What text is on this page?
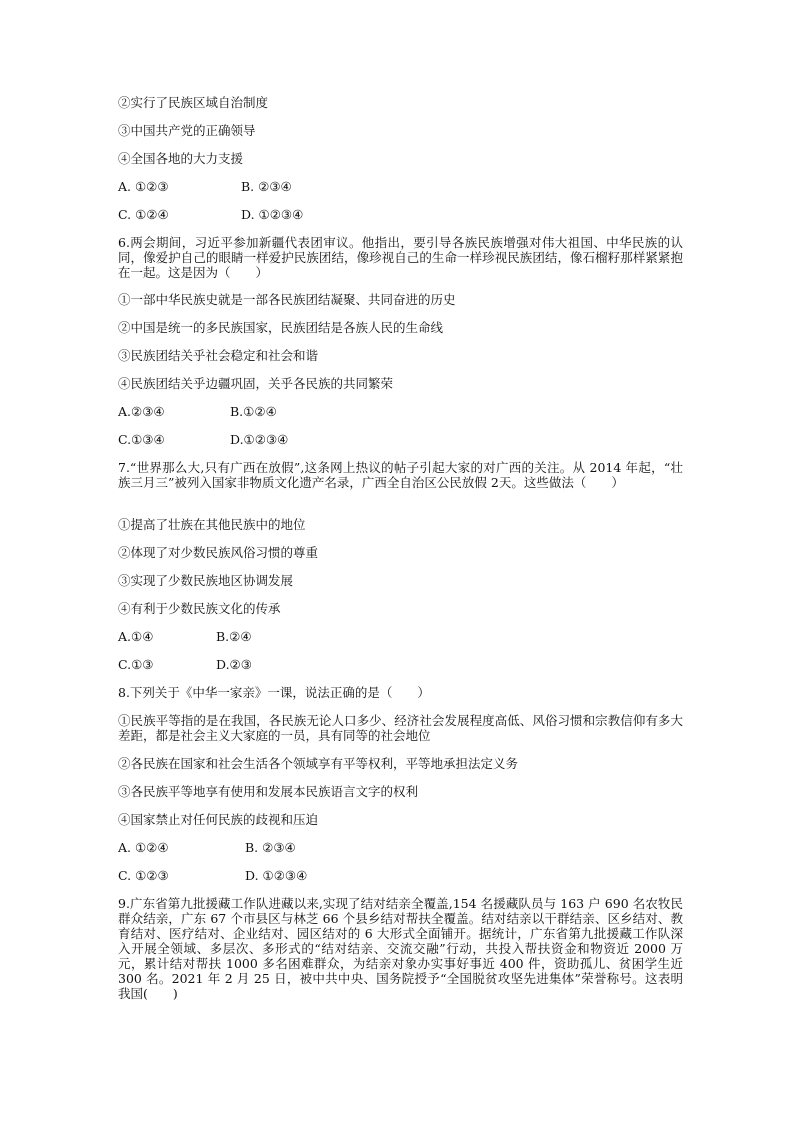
②实行了民族区域自治制度
③中国共产党的正确领导
④全国各地的大力支援
A. ①②③	B. ②③④
C. ①②④	D. ①②③④
6.两会期间，习近平参加新疆代表团审议。他指出，要引导各族民族增强对伟大祖国、中华民族的认同，像爱护自己的眼睛一样爱护民族团结，像珍视自己的生命一样珍视民族团结，像石榴籽那样紧紧抱在一起。这是因为（　　）
①一部中华民族史就是一部各民族团结凝聚、共同奋进的历史
②中国是统一的多民族国家，民族团结是各族人民的生命线
③民族团结关乎社会稳定和社会和谐
④民族团结关乎边疆巩固，关乎各民族的共同繁荣
A.②③④	B.①②④
C.①③④	D.①②③④
7.“世界那么大,只有广西在放假”,这条网上热议的帖子引起大家的对广西的关注。从 2014 年起，“壮族三月三”被列入国家非物质文化遗产名录，广西全自治区公民放假 2天。这些做法（　　）
①提高了壮族在其他民族中的地位
②体现了对少数民族风俗习惯的尊重
③实现了少数民族地区协调发展
④有利于少数民族文化的传承
A.①④	B.②④
C.①③	D.②③
8.下列关于《中华一家亲》一课，说法正确的是（　　）
①民族平等指的是在我国，各民族无论人口多少、经济社会发展程度高低、风俗习惯和宗教信仰有多大差距，都是社会主义大家庭的一员，具有同等的社会地位
②各民族在国家和社会生活各个领域享有平等权利，平等地承担法定义务
③各民族平等地享有使用和发展本民族语言文字的权利
④国家禁止对任何民族的歧视和压迫
A. ①②④	B. ②③④
C. ①②③	D. ①②③④
9.广东省第九批援藏工作队进藏以来,实现了结对结亲全覆盖,154 名援藏队员与 163 户 690 名农牧民群众结亲，广东 67 个市县区与林芝 66 个县乡结对帮扶全覆盖。结对结亲以干群结亲、区乡结对、教育结对、医疗结对、企业结对、园区结对的 6 大形式全面铺开。据统计，广东省第九批援藏工作队深入开展全领域、多层次、多形式的“结对结亲、交流交融”行动，共投入帮扶资金和物资近 2000 万元，累计结对帮扶 1000 多名困难群众，为结亲对象办实事好事近 400 件，资助孤儿、贫困学生近 300 名。2021 年 2 月 25 日，被中共中央、国务院授予“全国脱贫攻坚先进集体”荣誉称号。这表明我国(　　)
